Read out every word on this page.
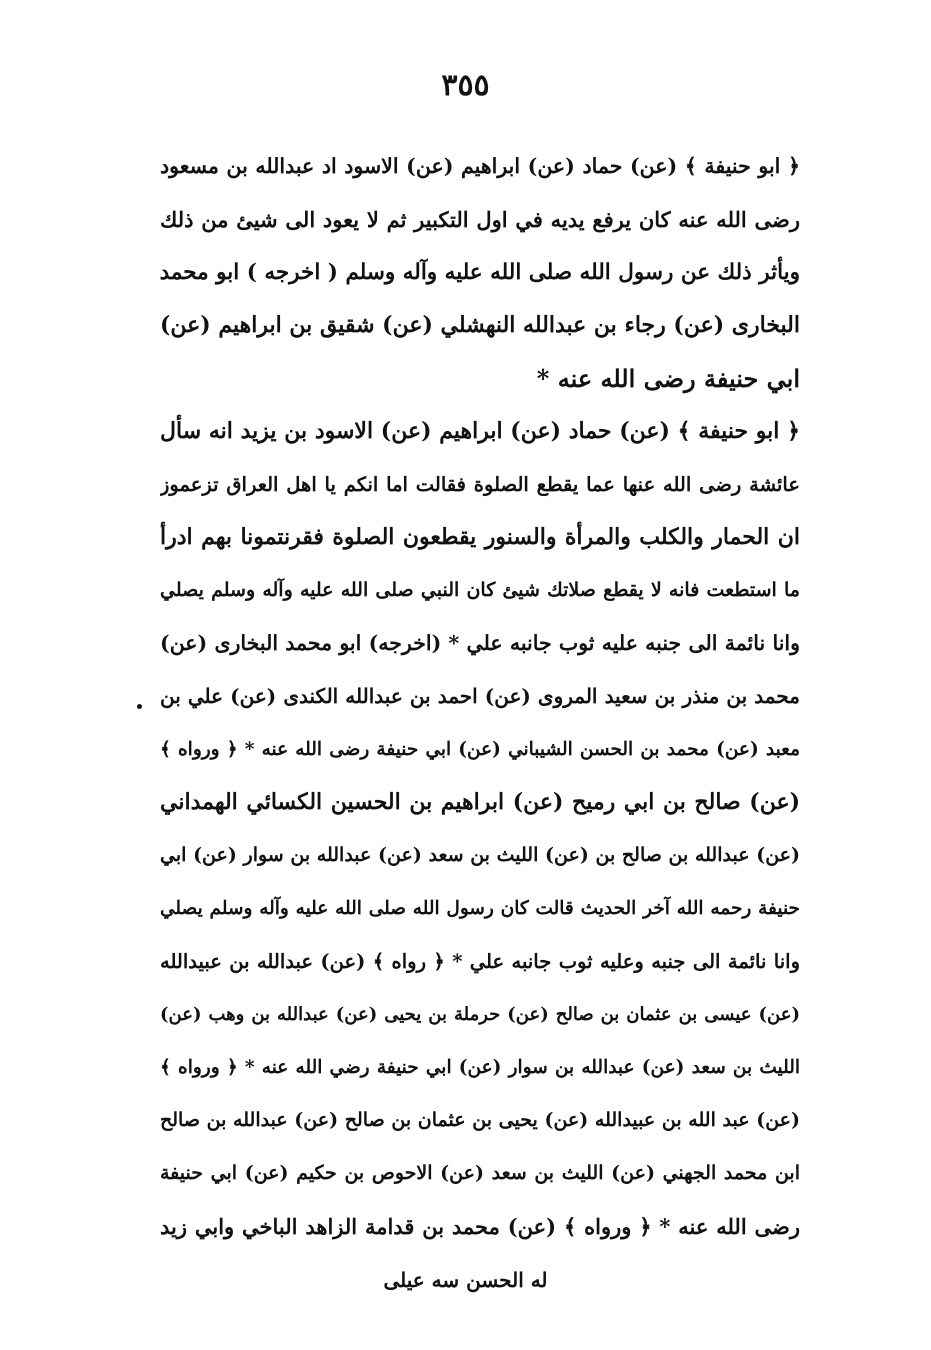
٣٥٥
﴿ ابو حنيفة ﴾ (عن) حماد (عن) ابراهيم (عن) الاسود اد عبدالله بن مسعود
رضى الله عنه كان يرفع يديه في اول التكبير ثم لا يعود الى شيئ من ذلك
ويأثر ذلك عن رسول الله صلى الله عليه وآله وسلم ( اخرجه ) ابو محمد
البخاری (عن) رجاء بن عبدالله النهشلي (عن) شقيق بن ابراهيم (عن)
ابي حنيفة رضى الله عنه *
﴿ ابو حنيفة ﴾ (عن) حماد (عن) ابراهيم (عن) الاسود بن يزيد انه سأل
عائشة رضى الله عنها عما يقطع الصلوة فقالت اما انكم يا اهل العراق تزعموز
ان الحمار والكلب والمرأة والسنور يقطعون الصلوة فقرنتمونا بهم ادرأ
ما استطعت فانه لا يقطع صلاتك شيئ كان النبي صلى الله عليه وآله وسلم يصلي
وانا نائمة الى جنبه عليه ثوب جانبه علي * (اخرجه) ابو محمد البخاری (عن)
محمد بن منذر بن سعيد المروی (عن) احمد بن عبدالله الكندی (عن) علي بن
معبد (عن) محمد بن الحسن الشيباني (عن) ابي حنيفة رضى الله عنه * ﴿ ورواه ﴾
(عن) صالح بن ابي رميح (عن) ابراهيم بن الحسين الكسائي الهمداني
(عن) عبدالله بن صالح بن (عن) الليث بن سعد (عن) عبدالله بن سوار (عن) ابي
حنيفة رحمه الله آخر الحديث قالت كان رسول الله صلى الله عليه وآله وسلم يصلي
وانا نائمة الى جنبه وعليه ثوب جانبه علي * ﴿ رواه ﴾ (عن) عبدالله بن عبيدالله
(عن) عيسى بن عثمان بن صالح (عن) حرملة بن يحيى (عن) عبدالله بن وهب (عن)
الليث بن سعد (عن) عبدالله بن سوار (عن) ابي حنيفة رضي الله عنه * ﴿ ورواه ﴾
(عن) عبد الله بن عبيدالله (عن) يحيى بن عثمان بن صالح (عن) عبدالله بن صالح
ابن محمد الجهني (عن) الليث بن سعد (عن) الاحوص بن حكيم (عن) ابي حنيفة
رضى الله عنه * ﴿ ورواه ﴾ (عن) محمد بن قدامة الزاهد الباخي وابي زيد
له الحسن سه عيلى
